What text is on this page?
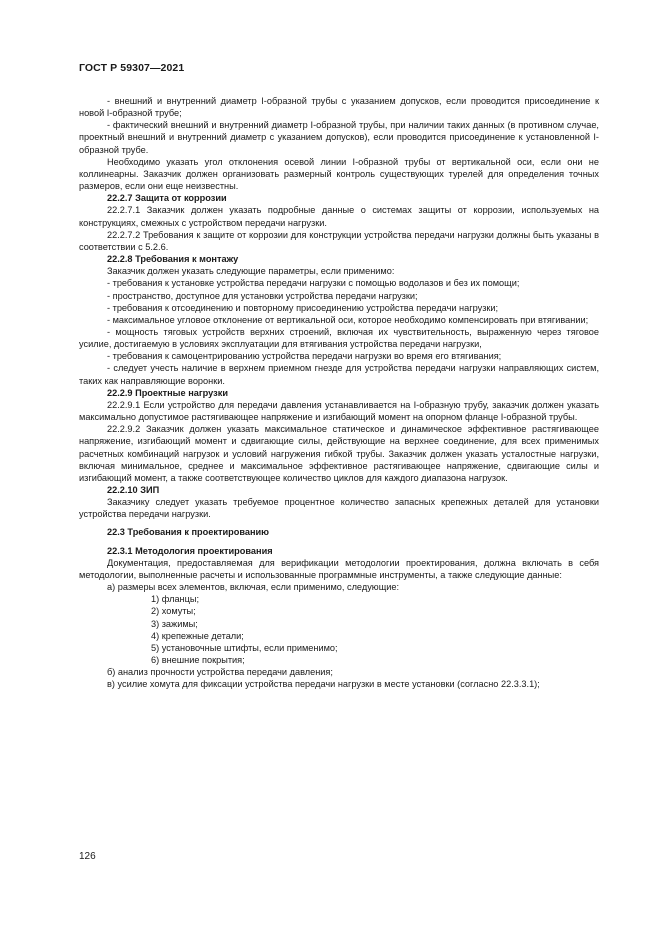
ГОСТ Р 59307—2021

- внешний и внутренний диаметр I-образной трубы с указанием допусков, если проводится присоединение к новой I-образной трубе;

- фактический внешний и внутренний диаметр I-образной трубы, при наличии таких данных (в противном случае, проектный внешний и внутренний диаметр с указанием допусков), если проводится присоединение к установленной I-образной трубе.

Необходимо указать угол отклонения осевой линии I-образной трубы от вертикальной оси, если они не коллинеарны. Заказчик должен организовать размерный контроль существующих турелей для определения точных размеров, если они еще неизвестны.

22.2.7 Защита от коррозии

22.2.7.1 Заказчик должен указать подробные данные о системах защиты от коррозии, используемых на конструкциях, смежных с устройством передачи нагрузки.

22.2.7.2 Требования к защите от коррозии для конструкции устройства передачи нагрузки должны быть указаны в соответствии с 5.2.6.

22.2.8 Требования к монтажу

Заказчик должен указать следующие параметры, если применимо:

- требования к установке устройства передачи нагрузки с помощью водолазов и без их помощи;

- пространство, доступное для установки устройства передачи нагрузки;

- требования к отсоединению и повторному присоединению устройства передачи нагрузки;

- максимальное угловое отклонение от вертикальной оси, которое необходимо компенсировать при втягивании;

- мощность тяговых устройств верхних строений, включая их чувствительность, выраженную через тяговое усилие, достигаемую в условиях эксплуатации для втягивания устройства передачи нагрузки,

- требования к самоцентрированию устройства передачи нагрузки во время его втягивания;

- следует учесть наличие в верхнем приемном гнезде для устройства передачи нагрузки направляющих систем, таких как направляющие воронки.

22.2.9 Проектные нагрузки

22.2.9.1 Если устройство для передачи давления устанавливается на I-образную трубу, заказчик должен указать максимально допустимое растягивающее напряжение и изгибающий момент на опорном фланце I-образной трубы.

22.2.9.2 Заказчик должен указать максимальное статическое и динамическое эффективное растягивающее напряжение, изгибающий момент и сдвигающие силы, действующие на верхнее соединение, для всех применимых расчетных комбинаций нагрузок и условий нагружения гибкой трубы. Заказчик должен указать усталостные нагрузки, включая минимальное, среднее и максимальное эффективное растягивающее напряжение, сдвигающие силы и изгибающий момент, а также соответствующее количество циклов для каждого диапазона нагрузок.

22.2.10 ЗИП

Заказчику следует указать требуемое процентное количество запасных крепежных деталей для установки устройства передачи нагрузки.

22.3 Требования к проектированию

22.3.1 Методология проектирования

Документация, предоставляемая для верификации методологии проектирования, должна включать в себя методологии, выполненные расчеты и использованные программные инструменты, а также следующие данные:

а) размеры всех элементов, включая, если применимо, следующие:

1) фланцы;

2) хомуты;

3) зажимы;

4) крепежные детали;

5) установочные штифты, если применимо;

6) внешние покрытия;

б) анализ прочности устройства передачи давления;

в) усилие хомута для фиксации устройства передачи нагрузки в месте установки (согласно 22.3.3.1);

126
